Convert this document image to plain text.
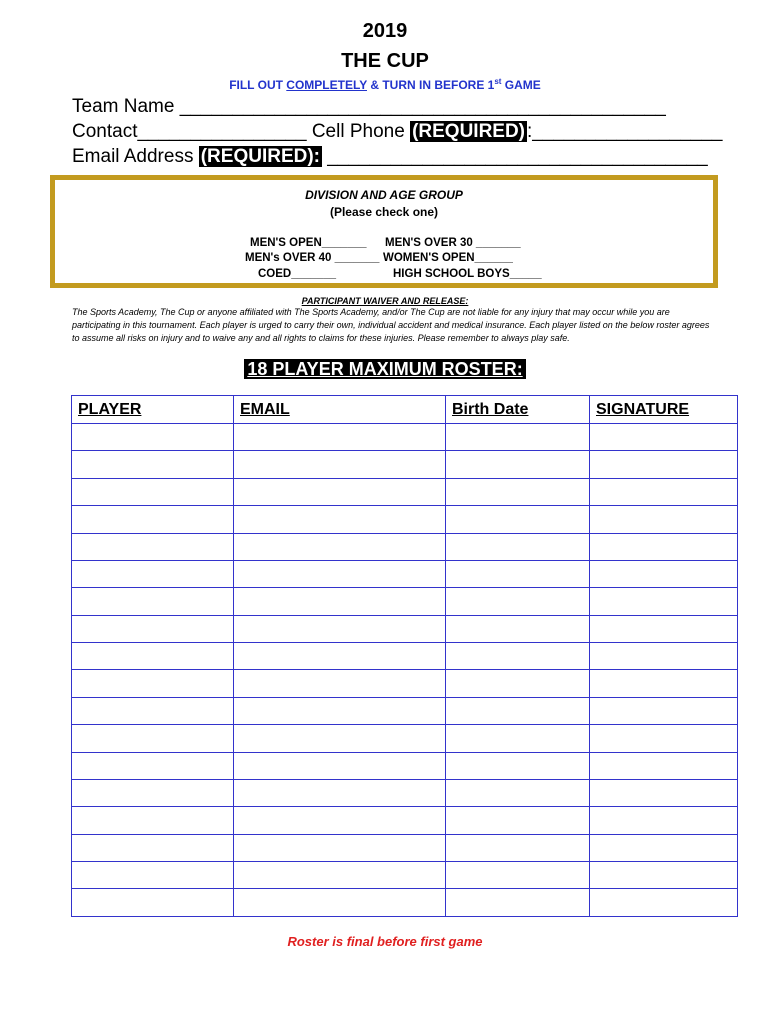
2019
THE CUP
FILL OUT COMPLETELY & TURN IN BEFORE 1st GAME
Team Name ______________________________________________
Contact________________ Cell Phone (REQUIRED) :__________________
Email Address (REQUIRED): ____________________________________
DIVISION AND AGE GROUP
(Please check one)
MEN'S OPEN_______ MEN'S OVER 30 _______
MEN's OVER 40 _______ WOMEN'S OPEN______
COED_______	HIGH SCHOOL BOYS_____
PARTICIPANT WAIVER AND RELEASE:
The Sports Academy, The Cup or anyone affiliated with The Sports Academy, and/or The Cup are not liable for any injury that may occur while you are participating in this tournament. Each player is urged to carry their own, individual accident and medical insurance. Each player listed on the below roster agrees to assume all risks on injury and to waive any and all rights to claims for these injuries. Please remember to always play safe.
18 PLAYER MAXIMUM ROSTER:
PLAYER	EMAIL	Birth Date	SIGNATURE

Roster is final before first game
